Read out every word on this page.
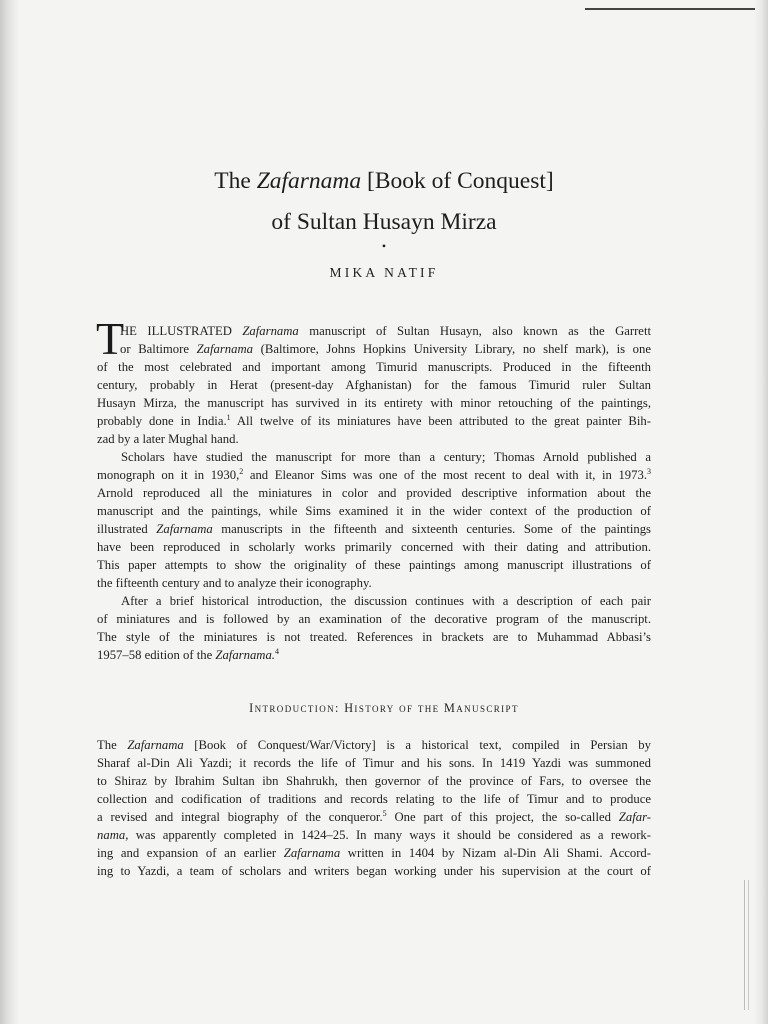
The Zafarnama [Book of Conquest]
of Sultan Husayn Mirza
•
MIKA NATIF
T
HE ILLUSTRATED Zafarnama manuscript of Sultan Husayn, also known as the Garrett
or Baltimore Zafarnama (Baltimore, Johns Hopkins University Library, no shelf mark), is one
of the most celebrated and important among Timurid manuscripts. Produced in the fifteenth
century, probably in Herat (present-day Afghanistan) for the famous Timurid ruler Sultan
Husayn Mirza, the manuscript has survived in its entirety with minor retouching of the paintings,
probably done in India.$^1$ All twelve of its miniatures have been attributed to the great painter Bih-
zad by a later Mughal hand.
Scholars have studied the manuscript for more than a century; Thomas Arnold published a
monograph on it in 1930,$^2$ and Eleanor Sims was one of the most recent to deal with it, in 1973.$^3$
Arnold reproduced all the miniatures in color and provided descriptive information about the
manuscript and the paintings, while Sims examined it in the wider context of the production of
illustrated Zafarnama manuscripts in the fifteenth and sixteenth centuries. Some of the paintings
have been reproduced in scholarly works primarily concerned with their dating and attribution.
This paper attempts to show the originality of these paintings among manuscript illustrations of
the fifteenth century and to analyze their iconography.
After a brief historical introduction, the discussion continues with a description of each pair
of miniatures and is followed by an examination of the decorative program of the manuscript.
The style of the miniatures is not treated. References in brackets are to Muhammad Abbasi’s
1957–58 edition of the Zafarnama.$^4$
The Zafarnama [Book of Conquest/War/Victory] is a historical text, compiled in Persian by
Sharaf al-Din Ali Yazdi; it records the life of Timur and his sons. In 1419 Yazdi was summoned
to Shiraz by Ibrahim Sultan ibn Shahrukh, then governor of the province of Fars, to oversee the
collection and codification of traditions and records relating to the life of Timur and to produce
a revised and integral biography of the conqueror.$^5$ One part of this project, the so-called Zafar-
nama, was apparently completed in 1424–25. In many ways it should be considered as a rework-
ing and expansion of an earlier Zafarnama written in 1404 by Nizam al-Din Ali Shami. Accord-
ing to Yazdi, a team of scholars and writers began working under his supervision at the court of
Introduction: History of the Manuscript
